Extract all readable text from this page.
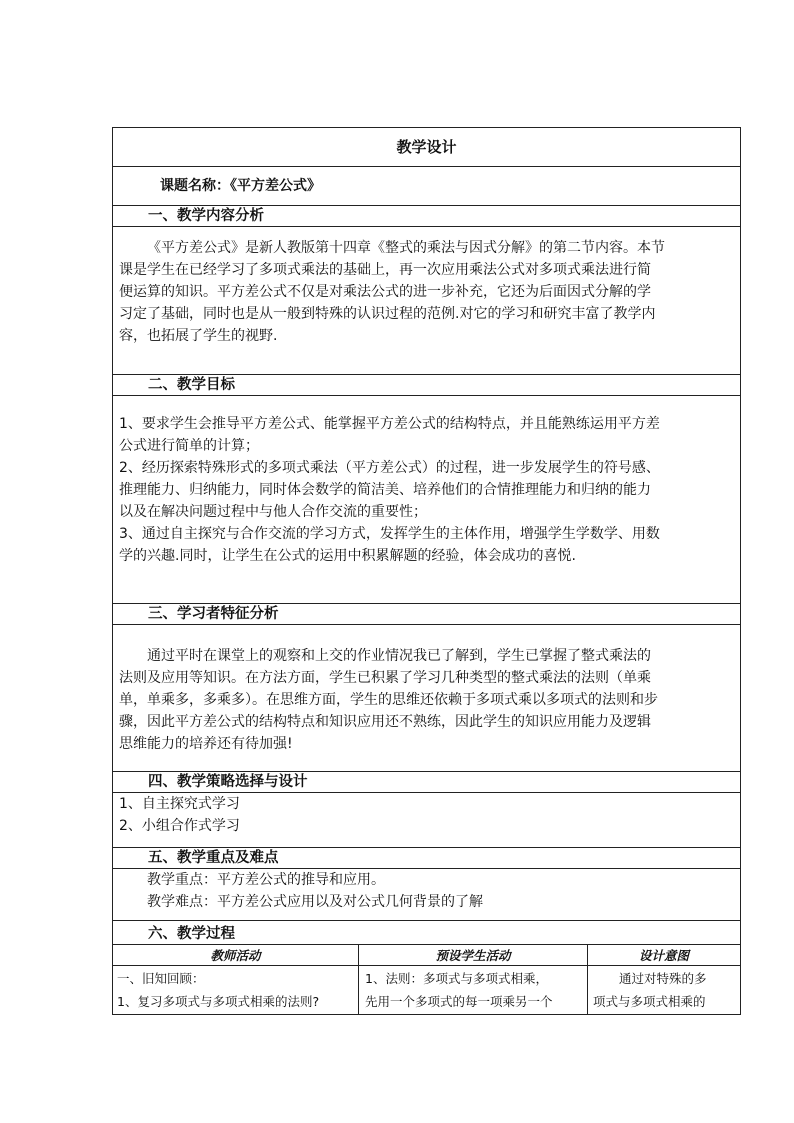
教学设计
课题名称：《平方差公式》
一、教学内容分析
《平方差公式》是新人教版第十四章《整式的乘法与因式分解》的第二节内容。本节
课是学生在已经学习了多项式乘法的基础上，再一次应用乘法公式对多项式乘法进行简
便运算的知识。平方差公式不仅是对乘法公式的进一步补充，它还为后面因式分解的学
习定了基础，同时也是从一般到特殊的认识过程的范例.对它的学习和研究丰富了教学内
容，也拓展了学生的视野.
二、教学目标
1、要求学生会推导平方差公式、能掌握平方差公式的结构特点，并且能熟练运用平方差
公式进行简单的计算；
2、经历探索特殊形式的多项式乘法（平方差公式）的过程，进一步发展学生的符号感、
推理能力、归纳能力，同时体会数学的简洁美、培养他们的合情推理能力和归纳的能力
以及在解决问题过程中与他人合作交流的重要性；
3、通过自主探究与合作交流的学习方式，发挥学生的主体作用，增强学生学数学、用数
学的兴趣.同时，让学生在公式的运用中积累解题的经验，体会成功的喜悦.
三、学习者特征分析
通过平时在课堂上的观察和上交的作业情况我已了解到，学生已掌握了整式乘法的
法则及应用等知识。在方法方面，学生已积累了学习几种类型的整式乘法的法则（单乘
单，单乘多，多乘多）。在思维方面，学生的思维还依赖于多项式乘以多项式的法则和步
骤，因此平方差公式的结构特点和知识应用还不熟练，因此学生的知识应用能力及逻辑
思维能力的培养还有待加强!
四、教学策略选择与设计
1、自主探究式学习
2、小组合作式学习
五、教学重点及难点
教学重点：平方差公式的推导和应用。
教学难点：平方差公式应用以及对公式几何背景的了解
六、教学过程
教师活动	预设学生活动	设计意图
一、旧知回顾：
1、复习多项式与多项式相乘的法则?
1、法则：多项式与多项式相乘，
先用一个多项式的每一项乘另一个
通过对特殊的多
项式与多项式相乘的
